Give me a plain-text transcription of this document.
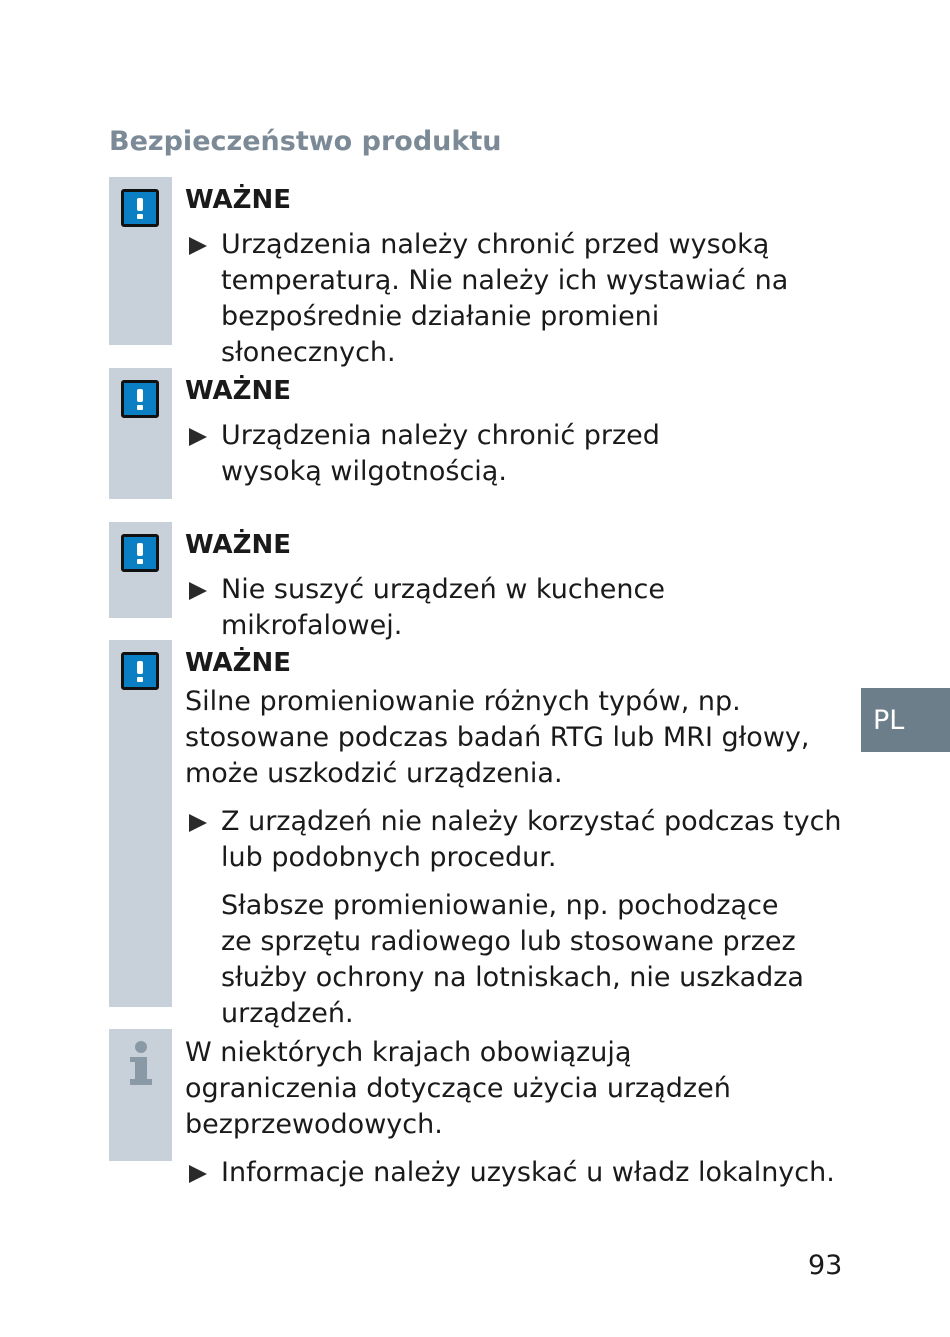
Bezpieczeństwo produktu
WAŻNE
Urządzenia należy chronić przed wysoką temperaturą. Nie należy ich wystawiać na bezpośrednie działanie promieni słonecznych.
WAŻNE
Urządzenia należy chronić przed wysoką wilgotnością.
WAŻNE
Nie suszyć urządzeń w kuchence mikrofalowej.
WAŻNE
Silne promieniowanie różnych typów, np. stosowane podczas badań RTG lub MRI głowy, może uszkodzić urządzenia.
Z urządzeń nie należy korzystać podczas tych lub podobnych procedur.
Słabsze promieniowanie, np. pochodzące ze sprzętu radiowego lub stosowane przez służby ochrony na lotniskach, nie uszkadza urządzeń.
W niektórych krajach obowiązują ograniczenia dotyczące użycia urządzeń bezprzewodowych.
Informacje należy uzyskać u władz lokalnych.
PL
93
